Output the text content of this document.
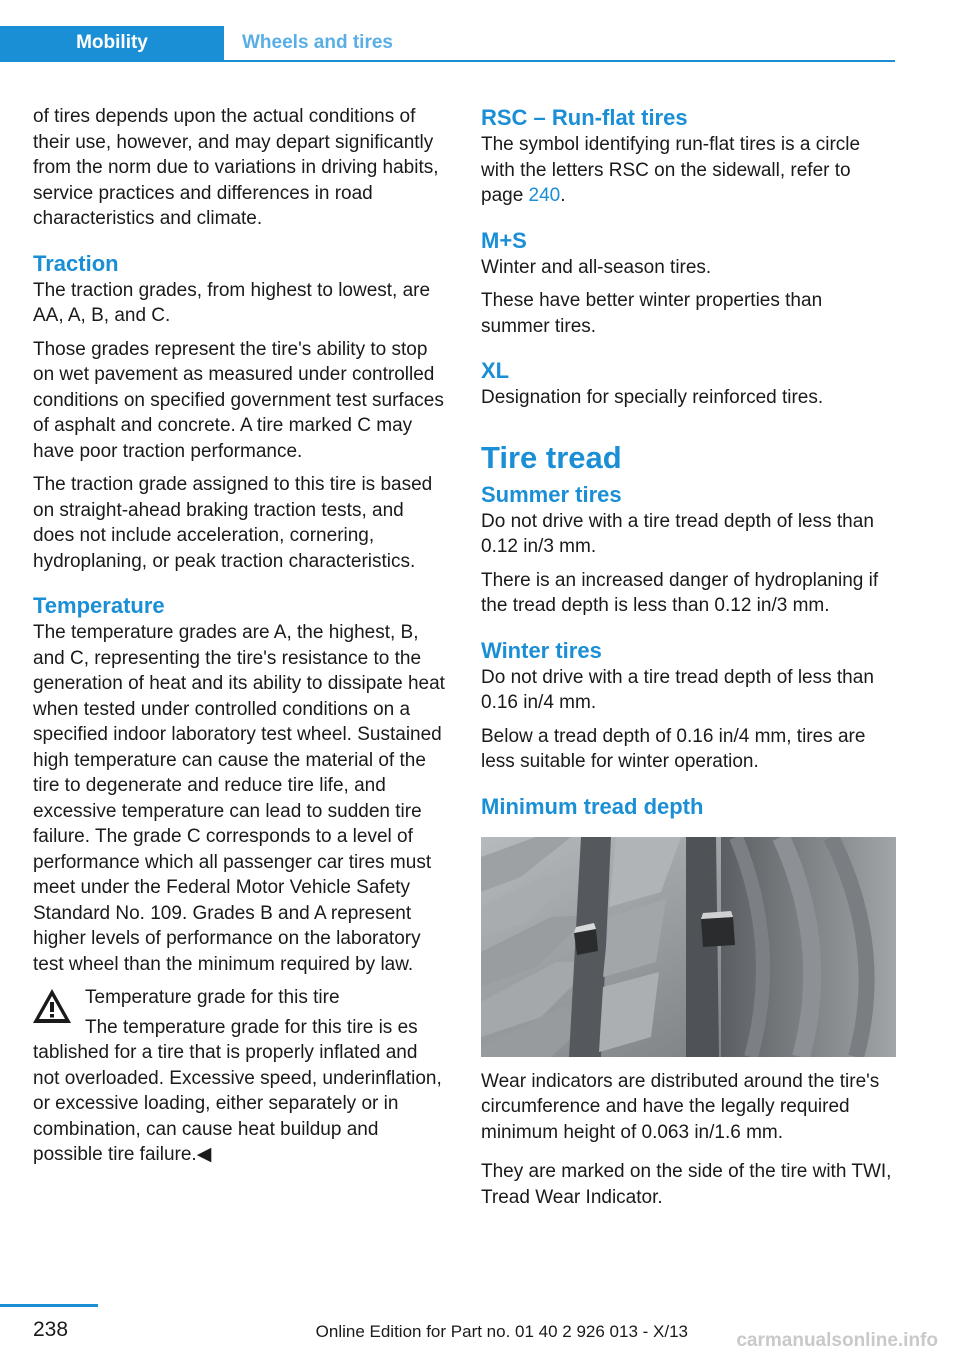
Mobility	Wheels and tires

of tires depends upon the actual conditions of their use, however, and may depart significantly from the norm due to variations in driving habits, service practices and differences in road characteristics and climate.

Traction

The traction grades, from highest to lowest, are AA, A, B, and C.

Those grades represent the tire's ability to stop on wet pavement as measured under controlled conditions on specified government test surfaces of asphalt and concrete. A tire marked C may have poor traction performance.

The traction grade assigned to this tire is based on straight-ahead braking traction tests, and does not include acceleration, cornering, hydroplaning, or peak traction characteristics.

Temperature

The temperature grades are A, the highest, B, and C, representing the tire's resistance to the generation of heat and its ability to dissipate heat when tested under controlled conditions on a specified indoor laboratory test wheel. Sustained high temperature can cause the material of the tire to degenerate and reduce tire life, and excessive temperature can lead to sudden tire failure. The grade C corresponds to a level of performance which all passenger car tires must meet under the Federal Motor Vehicle Safety Standard No. 109. Grades B and A represent higher levels of performance on the laboratory test wheel than the minimum required by law.

Temperature grade for this tire

The temperature grade for this tire is es

tablished for a tire that is properly inflated and not overloaded. Excessive speed, underinflation, or excessive loading, either separately or in combination, can cause heat buildup and possible tire failure.◀

RSC – Run-flat tires

The symbol identifying run-flat tires is a circle with the letters RSC on the sidewall, refer to page 240.

M+S

Winter and all-season tires.

These have better winter properties than summer tires.

XL

Designation for specially reinforced tires.

Tire tread
Summer tires

Do not drive with a tire tread depth of less than 0.12 in/3 mm.

There is an increased danger of hydroplaning if the tread depth is less than 0.12 in/3 mm.

Winter tires

Do not drive with a tire tread depth of less than 0.16 in/4 mm.

Below a tread depth of 0.16 in/4 mm, tires are less suitable for winter operation.

Minimum tread depth

Wear indicators are distributed around the tire's circumference and have the legally required minimum height of 0.063 in/1.6 mm.

They are marked on the side of the tire with TWI, Tread Wear Indicator.

238	Online Edition for Part no. 01 40 2 926 013 - X/13	carmanualsonline.info
